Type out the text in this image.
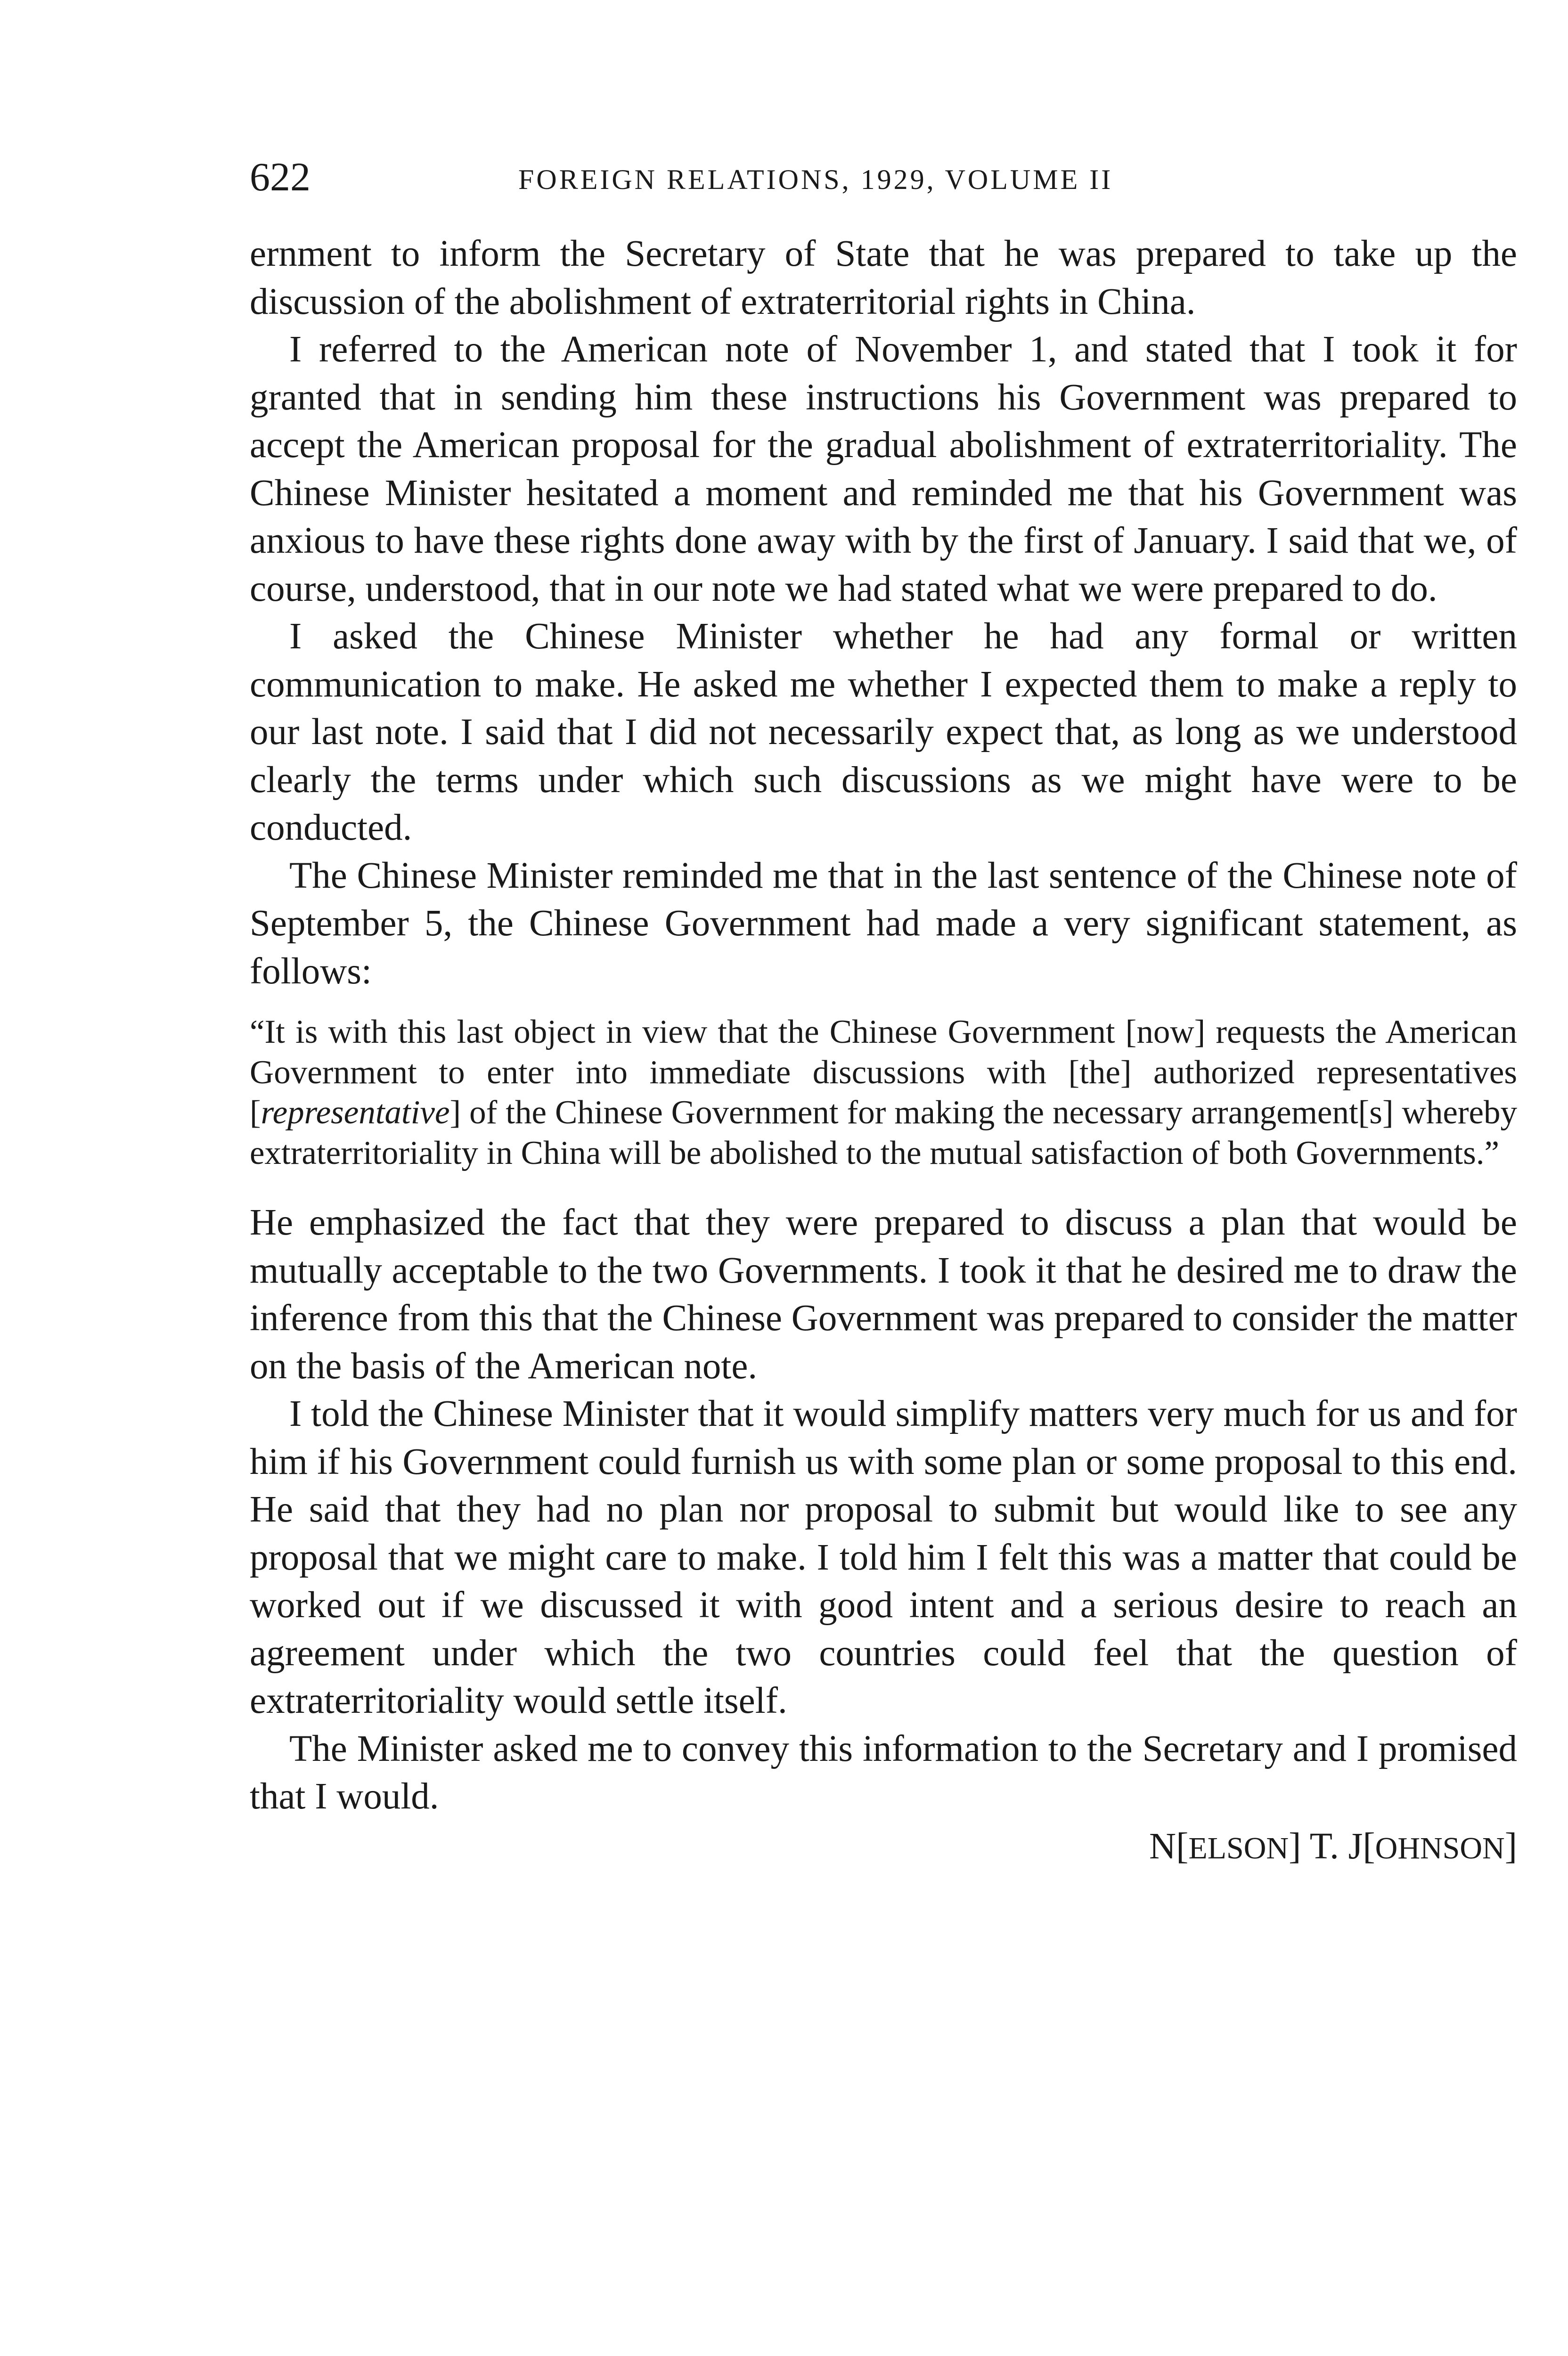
622	FOREIGN RELATIONS, 1929, VOLUME II

ernment to inform the Secretary of State that he was prepared to take up the discussion of the abolishment of extraterritorial rights in China.

I referred to the American note of November 1, and stated that I took it for granted that in sending him these instructions his Government was prepared to accept the American proposal for the gradual abolishment of extraterritoriality. The Chinese Minister hesitated a moment and reminded me that his Government was anxious to have these rights done away with by the first of January. I said that we, of course, understood, that in our note we had stated what we were prepared to do.

I asked the Chinese Minister whether he had any formal or written communication to make. He asked me whether I expected them to make a reply to our last note. I said that I did not necessarily expect that, as long as we understood clearly the terms under which such discussions as we might have were to be conducted.

The Chinese Minister reminded me that in the last sentence of the Chinese note of September 5, the Chinese Government had made a very significant statement, as follows:

“It is with this last object in view that the Chinese Government [now] requests the American Government to enter into immediate discussions with [the] authorized representatives [representative] of the Chinese Government for making the necessary arrangement[s] whereby extraterritoriality in China will be abolished to the mutual satisfaction of both Governments.”

He emphasized the fact that they were prepared to discuss a plan that would be mutually acceptable to the two Governments. I took it that he desired me to draw the inference from this that the Chinese Government was prepared to consider the matter on the basis of the American note.

I told the Chinese Minister that it would simplify matters very much for us and for him if his Government could furnish us with some plan or some proposal to this end. He said that they had no plan nor proposal to submit but would like to see any proposal that we might care to make. I told him I felt this was a matter that could be worked out if we discussed it with good intent and a serious desire to reach an agreement under which the two countries could feel that the question of extraterritoriality would settle itself.

The Minister asked me to convey this information to the Secretary and I promised that I would.

N[ELSON] T. J[OHNSON]
